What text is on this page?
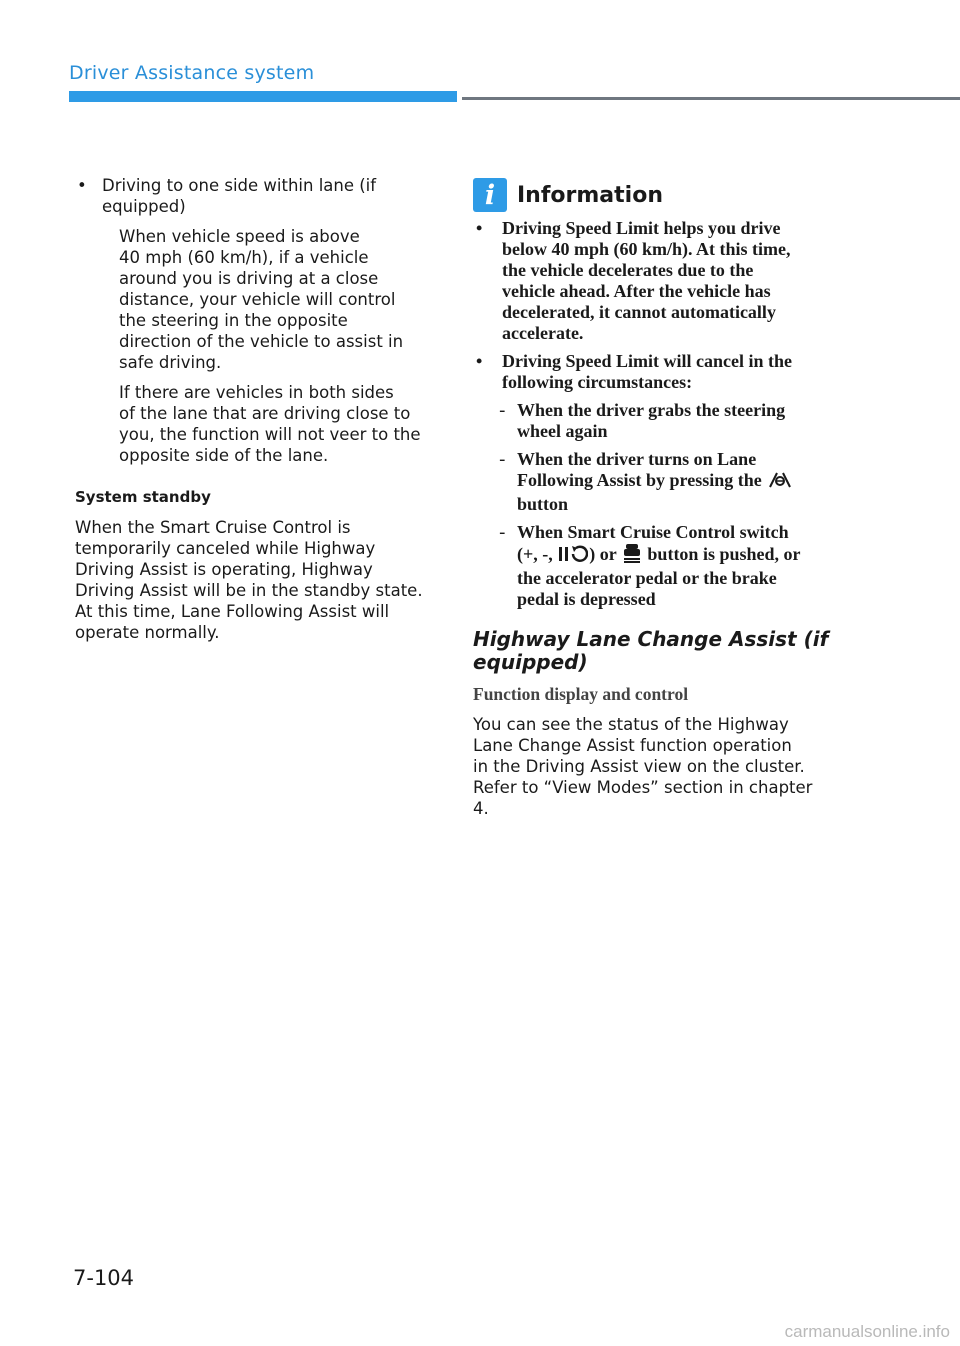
Driver Assistance system
• Driving to one side within lane (if
equipped)
When vehicle speed is above
40 mph (60 km/h), if a vehicle
around you is driving at a close
distance, your vehicle will control
the steering in the opposite
direction of the vehicle to assist in
safe driving.
If there are vehicles in both sides
of the lane that are driving close to
you, the function will not veer to the
opposite side of the lane.
System standby
When the Smart Cruise Control is
temporarily canceled while Highway
Driving Assist is operating, Highway
Driving Assist will be in the standby state.
At this time, Lane Following Assist will
operate normally.
i Information
•	Driving Speed Limit helps you drive
below 40 mph (60 km/h). At this time,
the vehicle decelerates due to the
vehicle ahead. After the vehicle has
decelerated, it cannot automatically
accelerate.
•	Driving Speed Limit will cancel in the
following circumstances:
- When the driver grabs the steering
wheel again
- When the driver turns on Lane
Following Assist by pressing the
button
- When Smart Cruise Control switch
(+, -, ) or button is pushed, or
the accelerator pedal or the brake
pedal is depressed
Highway Lane Change Assist (if
equipped)
Function display and control
You can see the status of the Highway
Lane Change Assist function operation
in the Driving Assist view on the cluster.
Refer to “View Modes” section in chapter
4.
7-104
carmanualsonline.info
